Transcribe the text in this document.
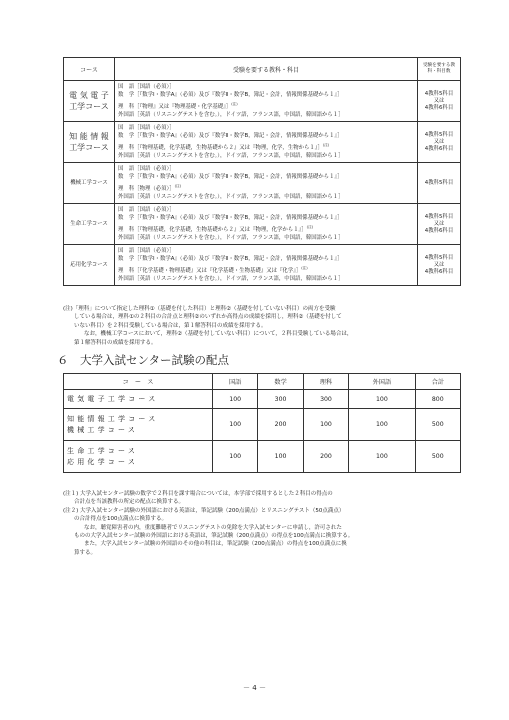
コース	受験を要する教科・科目	受験を要する教科・科目数

電 気 電 子
工学コース	国　語［国語（必須）］
数　学［『数学Ⅰ・数学A』（必須）及び『数学Ⅱ・数学B，簿記・会計，情報関係基礎から１』］
理　科［『物理』又は『物理基礎・化学基礎』］$^{(注)}$
外国語［英語（リスニングテストを含む。），ドイツ語，フランス語，中国語，韓国語から１］	4教科5科目
又は
4教科6科目

知 能 情 報
工学コース	国　語［国語（必須）］
数　学［『数学Ⅰ・数学A』（必須）及び『数学Ⅱ・数学B，簿記・会計，情報関係基礎から１』］
理　科［『物理基礎，化学基礎，生物基礎から２』又は『物理，化学，生物から１』］$^{(注)}$
外国語［英語（リスニングテストを含む。），ドイツ語，フランス語，中国語，韓国語から１］	4教科5科目
又は
4教科6科目

機械工学コース	国　語［国語（必須）］
数　学［『数学Ⅰ・数学A』（必須）及び『数学Ⅱ・数学B，簿記・会計，情報関係基礎から１』］
理　科［物理（必須）］$^{(注)}$
外国語［英語（リスニングテストを含む。），ドイツ語，フランス語，中国語，韓国語から１］	4教科5科目

生命工学コース	国　語［国語（必須）］
数　学［『数学Ⅰ・数学A』（必須）及び『数学Ⅱ・数学B，簿記・会計，情報関係基礎から１』］
理　科［『物理基礎，化学基礎，生物基礎から２』又は『物理，化学から１』］$^{(注)}$
外国語［英語（リスニングテストを含む。），ドイツ語，フランス語，中国語，韓国語から１］	4教科5科目
又は
4教科6科目

応用化学コース	国　語［国語（必須）］
数　学［『数学Ⅰ・数学A』（必須）及び『数学Ⅱ・数学B，簿記・会計，情報関係基礎から１』］
理　科［『化学基礎・物理基礎』又は『化学基礎・生物基礎』又は『化学』］$^{(注)}$
外国語［英語（リスニングテストを含む。），ドイツ語，フランス語，中国語，韓国語から１］	4教科5科目
又は
4教科6科目
(注)「理科」について指定した理科①（基礎を付した科目）と理科②（基礎を付していない科目）の両方を受験
している場合は，理科①の２科目の合計点と理科②のいずれか高得点の成績を採用し，理科②（基礎を付して
いない科目）を２科目受験している場合は，第１解答科目の成績を採用する。
なお，機械工学コースにおいて，理科②（基礎を付していない科目）について，２科目受験している場合は，
第１解答科目の成績を採用する。
６　大学入試センター試験の配点
コ　ー　ス	国語	数学	理科	外国語	合計

電気電子工学コース	100	300	300	100	800

知能情報工学コース
機械工学コース	100	200	100	100	500

生命工学コース
応用化学コース	100	100	200	100	500
(注１) 大学入試センター試験の数学で２科目を課す場合については，本学部で採用するとした２科目の得点の
合計点を当該教科の所定の配点に換算する。
(注２) 大学入試センター試験の外国語における英語は，筆記試験（200点満点）とリスニングテスト（50点満点）
の合計得点を100点満点に換算する。
なお，聴覚障害者の内，重度難聴者でリスニングテストの免除を大学入試センターに申請し，許可された
ものの大学入試センター試験の外国語における英語は，筆記試験（200点満点）の得点を100点満点に換算する。
また，大学入試センター試験の外国語のその他の科目は，筆記試験（200点満点）の得点を100点満点に換
算する。
－ 4 －
